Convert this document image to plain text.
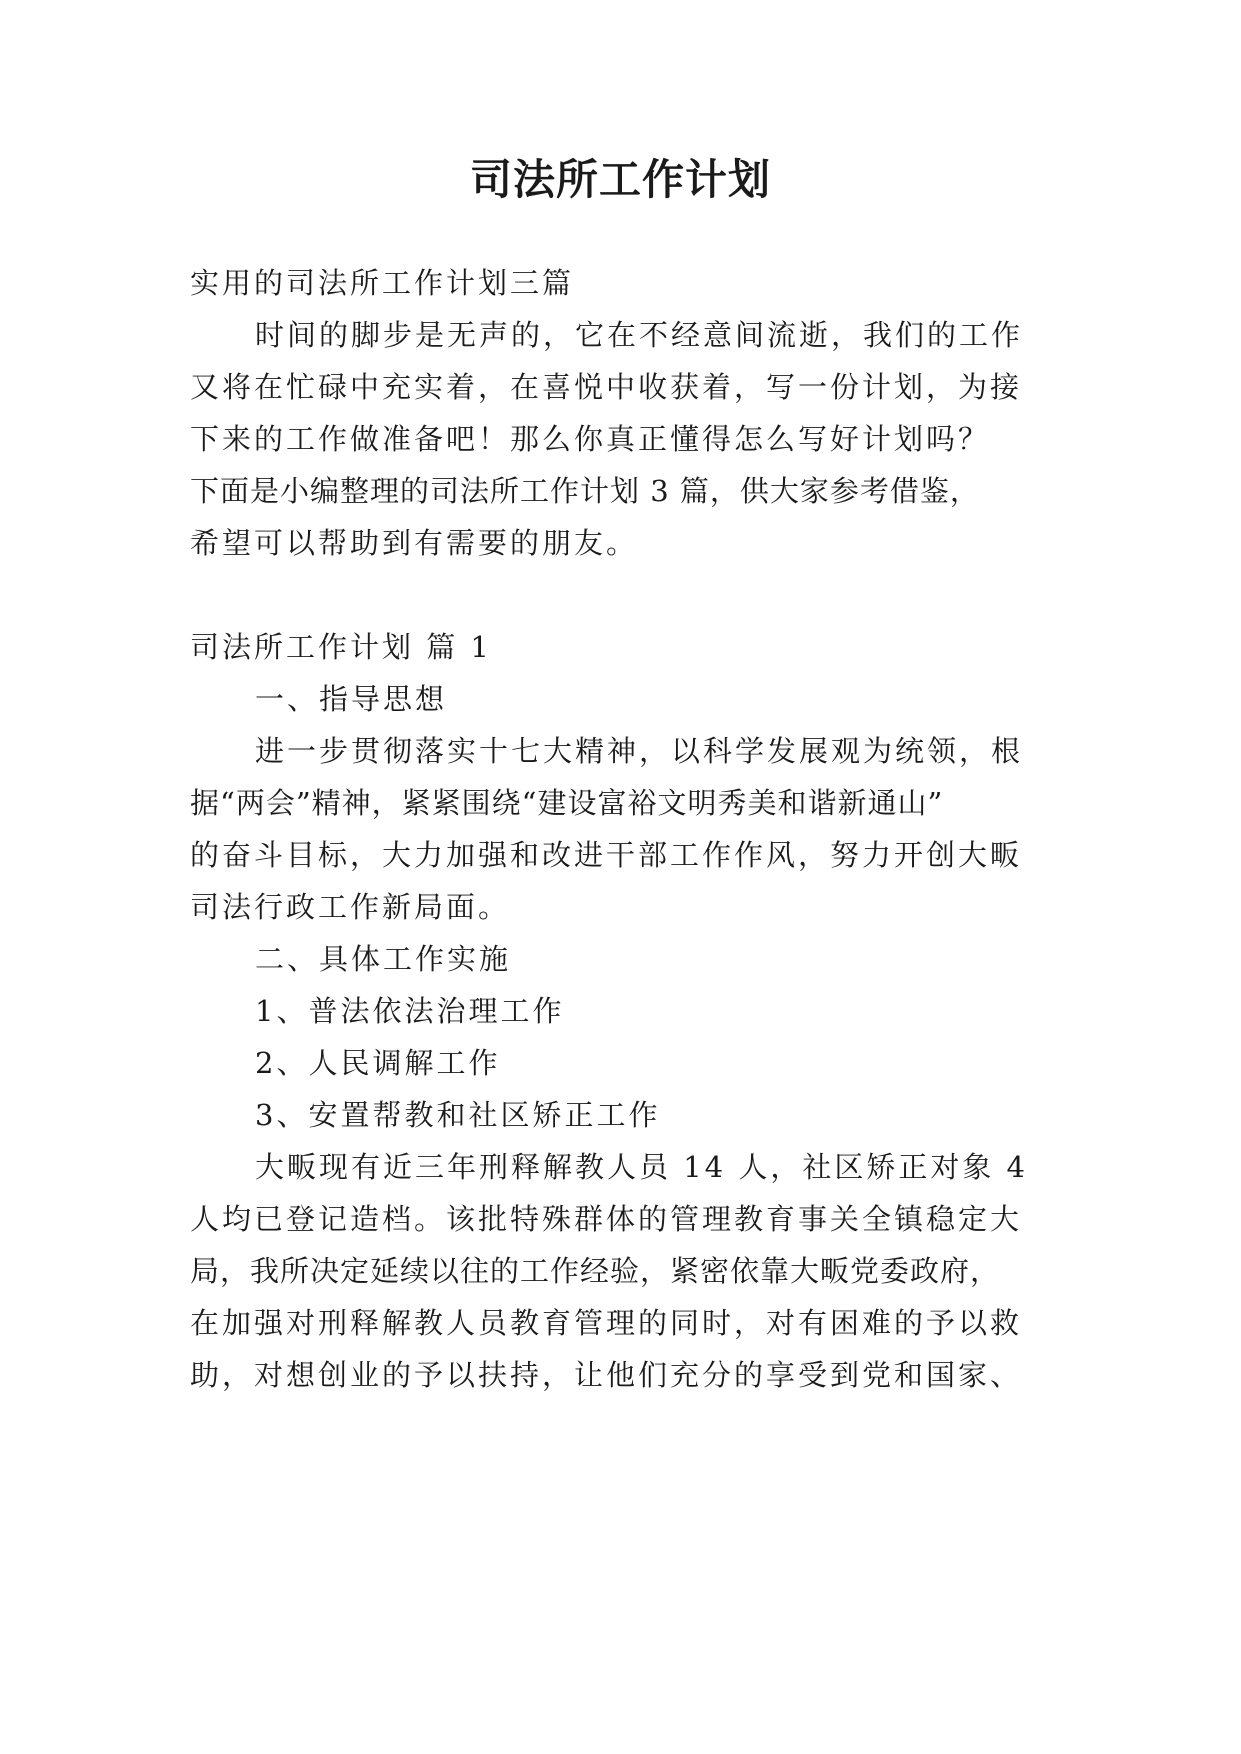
司法所工作计划

实用的司法所工作计划三篇

时间的脚步是无声的，它在不经意间流逝，我们的工作

又将在忙碌中充实着，在喜悦中收获着，写一份计划，为接

下来的工作做准备吧！那么你真正懂得怎么写好计划吗？

下面是小编整理的司法所工作计划 3 篇，供大家参考借鉴，

希望可以帮助到有需要的朋友。

司法所工作计划 篇 1

一、指导思想

进一步贯彻落实十七大精神，以科学发展观为统领，根

据“两会”精神，紧紧围绕“建设富裕文明秀美和谐新通山”

的奋斗目标，大力加强和改进干部工作作风，努力开创大畈

司法行政工作新局面。

二、具体工作实施

1、普法依法治理工作

2、人民调解工作

3、安置帮教和社区矫正工作

大畈现有近三年刑释解教人员 14 人，社区矫正对象 4

人均已登记造档。该批特殊群体的管理教育事关全镇稳定大

局，我所决定延续以往的工作经验，紧密依靠大畈党委政府，

在加强对刑释解教人员教育管理的同时，对有困难的予以救

助，对想创业的予以扶持，让他们充分的享受到党和国家、
